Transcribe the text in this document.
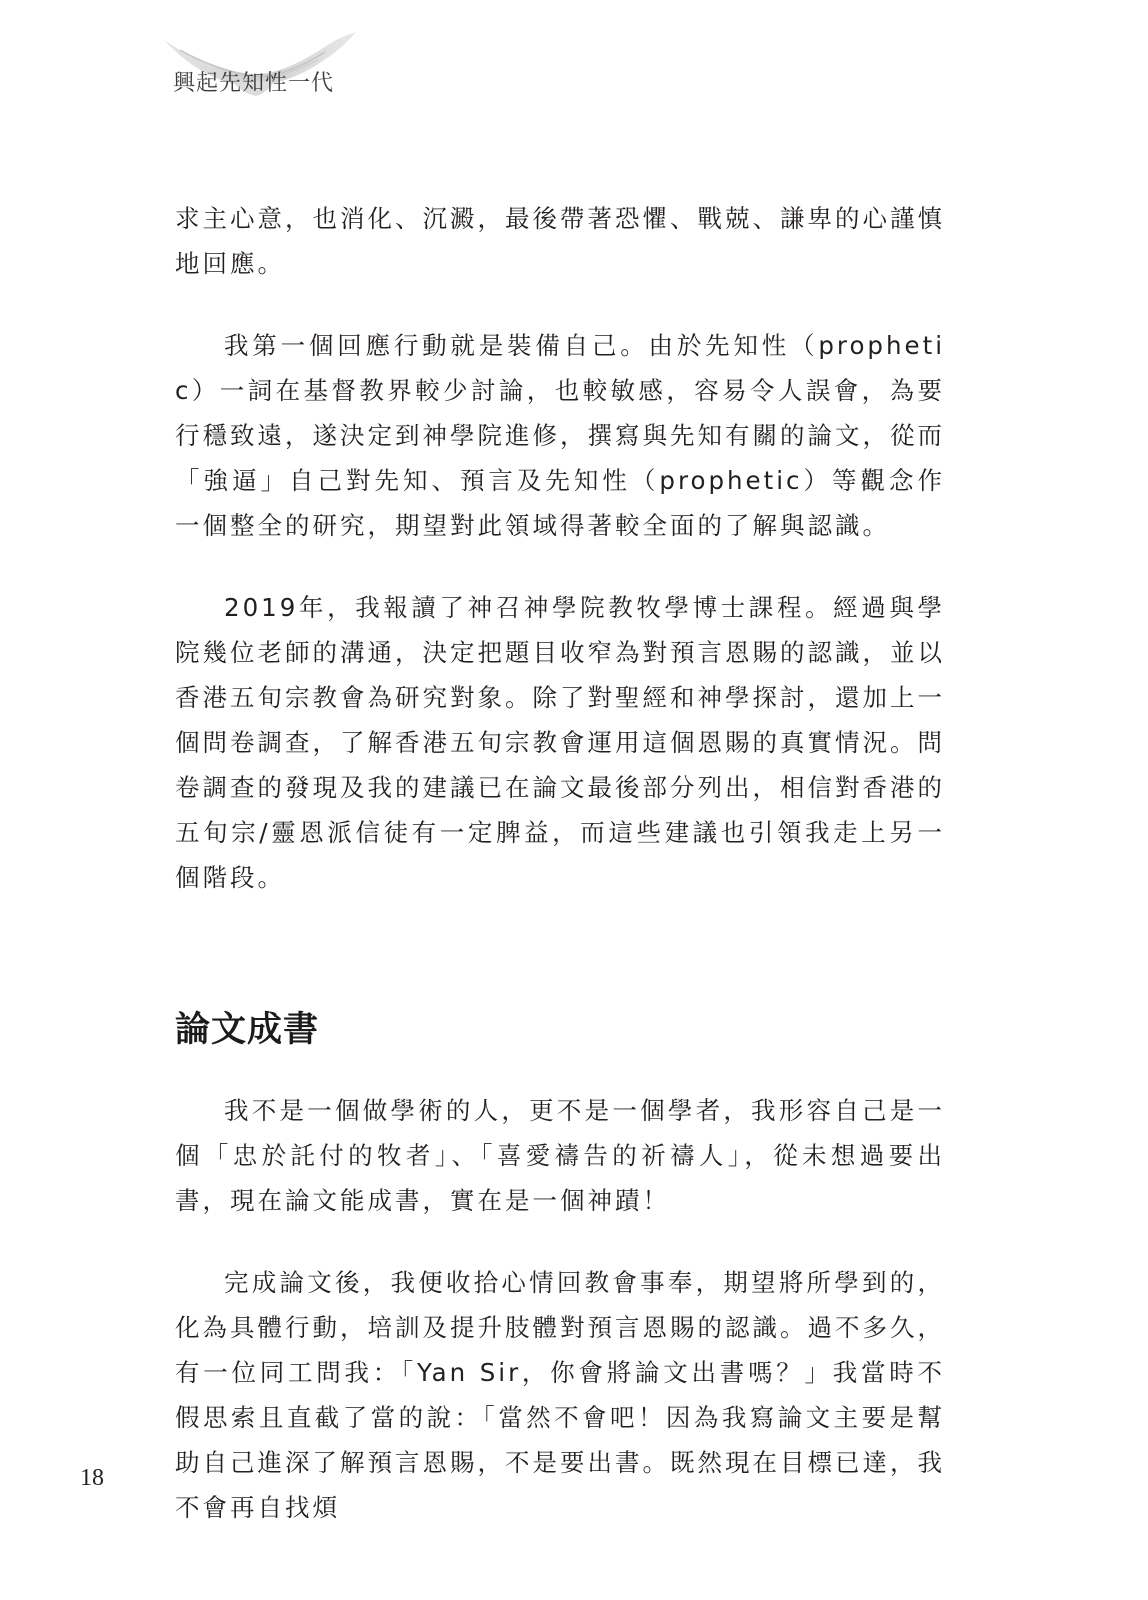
興起先知性一代

求主心意，也消化、沉澱，最後帶著恐懼、戰兢、謙卑的心謹慎地回應。

我第一個回應行動就是裝備自己。由於先知性（prophetic）一詞在基督教界較少討論，也較敏感，容易令人誤會，為要行穩致遠，遂決定到神學院進修，撰寫與先知有關的論文，從而「強逼」自己對先知、預言及先知性（prophetic）等觀念作一個整全的研究，期望對此領域得著較全面的了解與認識。

2019年，我報讀了神召神學院教牧學博士課程。經過與學院幾位老師的溝通，決定把題目收窄為對預言恩賜的認識，並以香港五旬宗教會為研究對象。除了對聖經和神學探討，還加上一個問卷調查，了解香港五旬宗教會運用這個恩賜的真實情況。問卷調查的發現及我的建議已在論文最後部分列出，相信對香港的五旬宗/靈恩派信徒有一定脾益，而這些建議也引領我走上另一個階段。

論文成書

我不是一個做學術的人，更不是一個學者，我形容自己是一個「忠於託付的牧者」、「喜愛禱告的祈禱人」，從未想過要出書，現在論文能成書，實在是一個神蹟！

完成論文後，我便收拾心情回教會事奉，期望將所學到的，化為具體行動，培訓及提升肢體對預言恩賜的認識。過不多久，有一位同工問我：「Yan Sir，你會將論文出書嗎？」我當時不假思索且直截了當的說：「當然不會吧！因為我寫論文主要是幫助自己進深了解預言恩賜，不是要出書。既然現在目標已達，我不會再自找煩

18
